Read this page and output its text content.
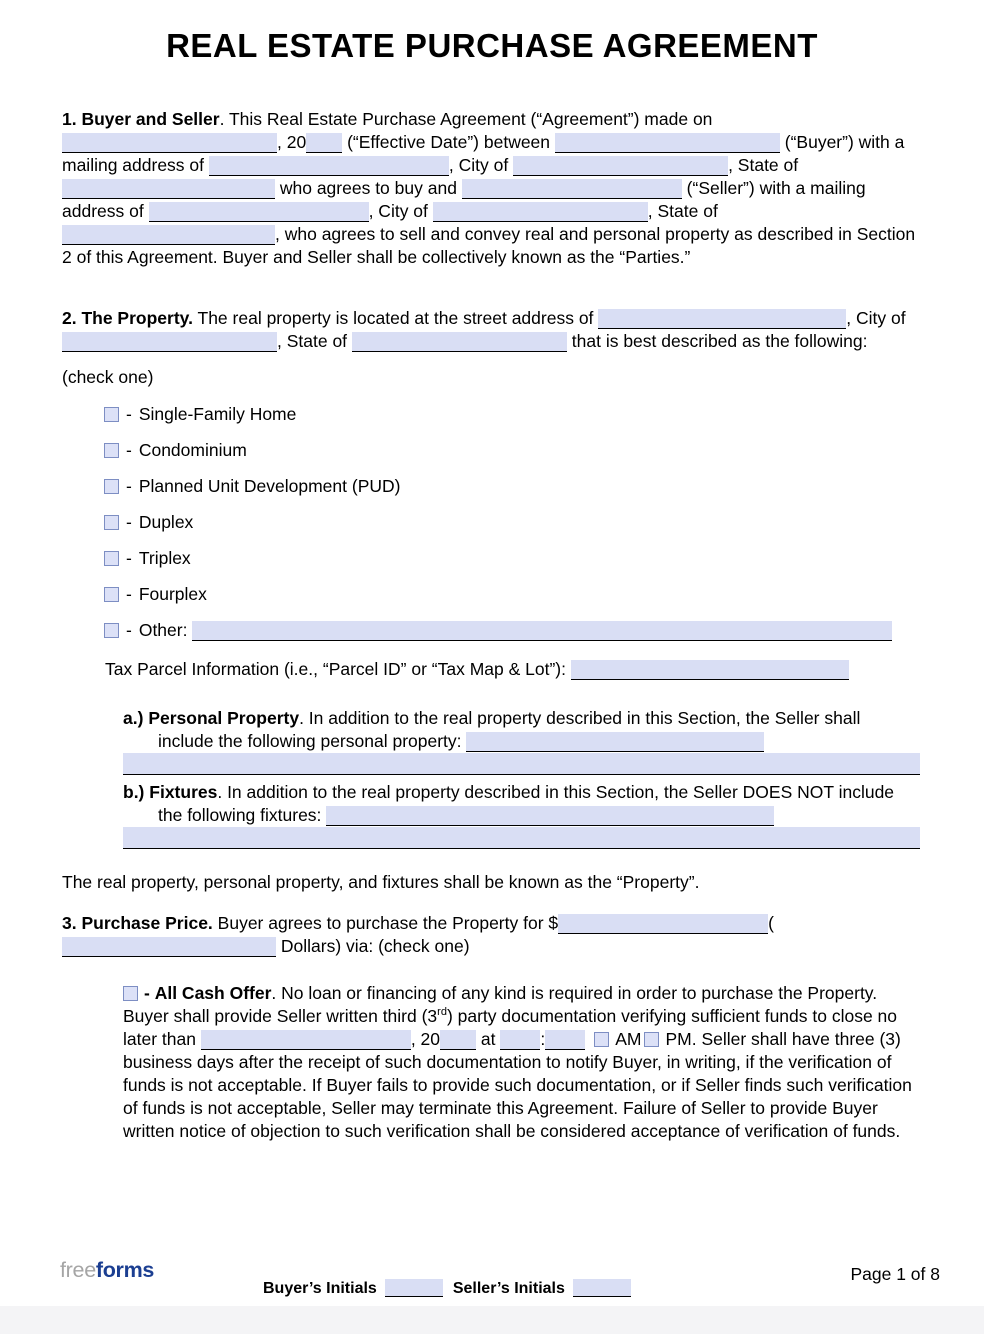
REAL ESTATE PURCHASE AGREEMENT

1. Buyer and Seller. This Real Estate Purchase Agreement (“Agreement”) made on , 20 (“Effective Date”) between	(“Buyer”) with a mailing address of	, City of	, State of  who agrees to buy and	(“Seller”) with a mailing address of	, City of	, State of , who agrees to sell and convey real and personal property as described in Section 2 of this Agreement. Buyer and Seller shall be collectively known as the “Parties.”

2. The Property. The real property is located at the street address of	, City of , State of	that is best described as the following:

(check one)

- Single-Family Home
- Condominium
- Planned Unit Development (PUD)
- Duplex
- Triplex
- Fourplex
- Other:

Tax Parcel Information (i.e., “Parcel ID” or “Tax Map & Lot”):

a.) Personal Property. In addition to the real property described in this Section, the Seller shall include the following personal property:
b.) Fixtures. In addition to the real property described in this Section, the Seller DOES NOT include the following fixtures:

The real property, personal property, and fixtures shall be known as the “Property”.

3. Purchase Price. Buyer agrees to purchase the Property for $	( Dollars) via: (check one)

- All Cash Offer. No loan or financing of any kind is required in order to purchase the Property. Buyer shall provide Seller written third (3rd) party documentation verifying sufficient funds to close no later than	, 20 at :	AM PM. Seller shall have three (3) business days after the receipt of such documentation to notify Buyer, in writing, if the verification of funds is not acceptable. If Buyer fails to provide such documentation, or if Seller finds such verification of funds is not acceptable, Seller may terminate this Agreement. Failure of Seller to provide Buyer written notice of objection to such verification shall be considered acceptance of verification of funds.

freeforms
Buyer’s Initials	Seller’s Initials
Page 1 of 8
